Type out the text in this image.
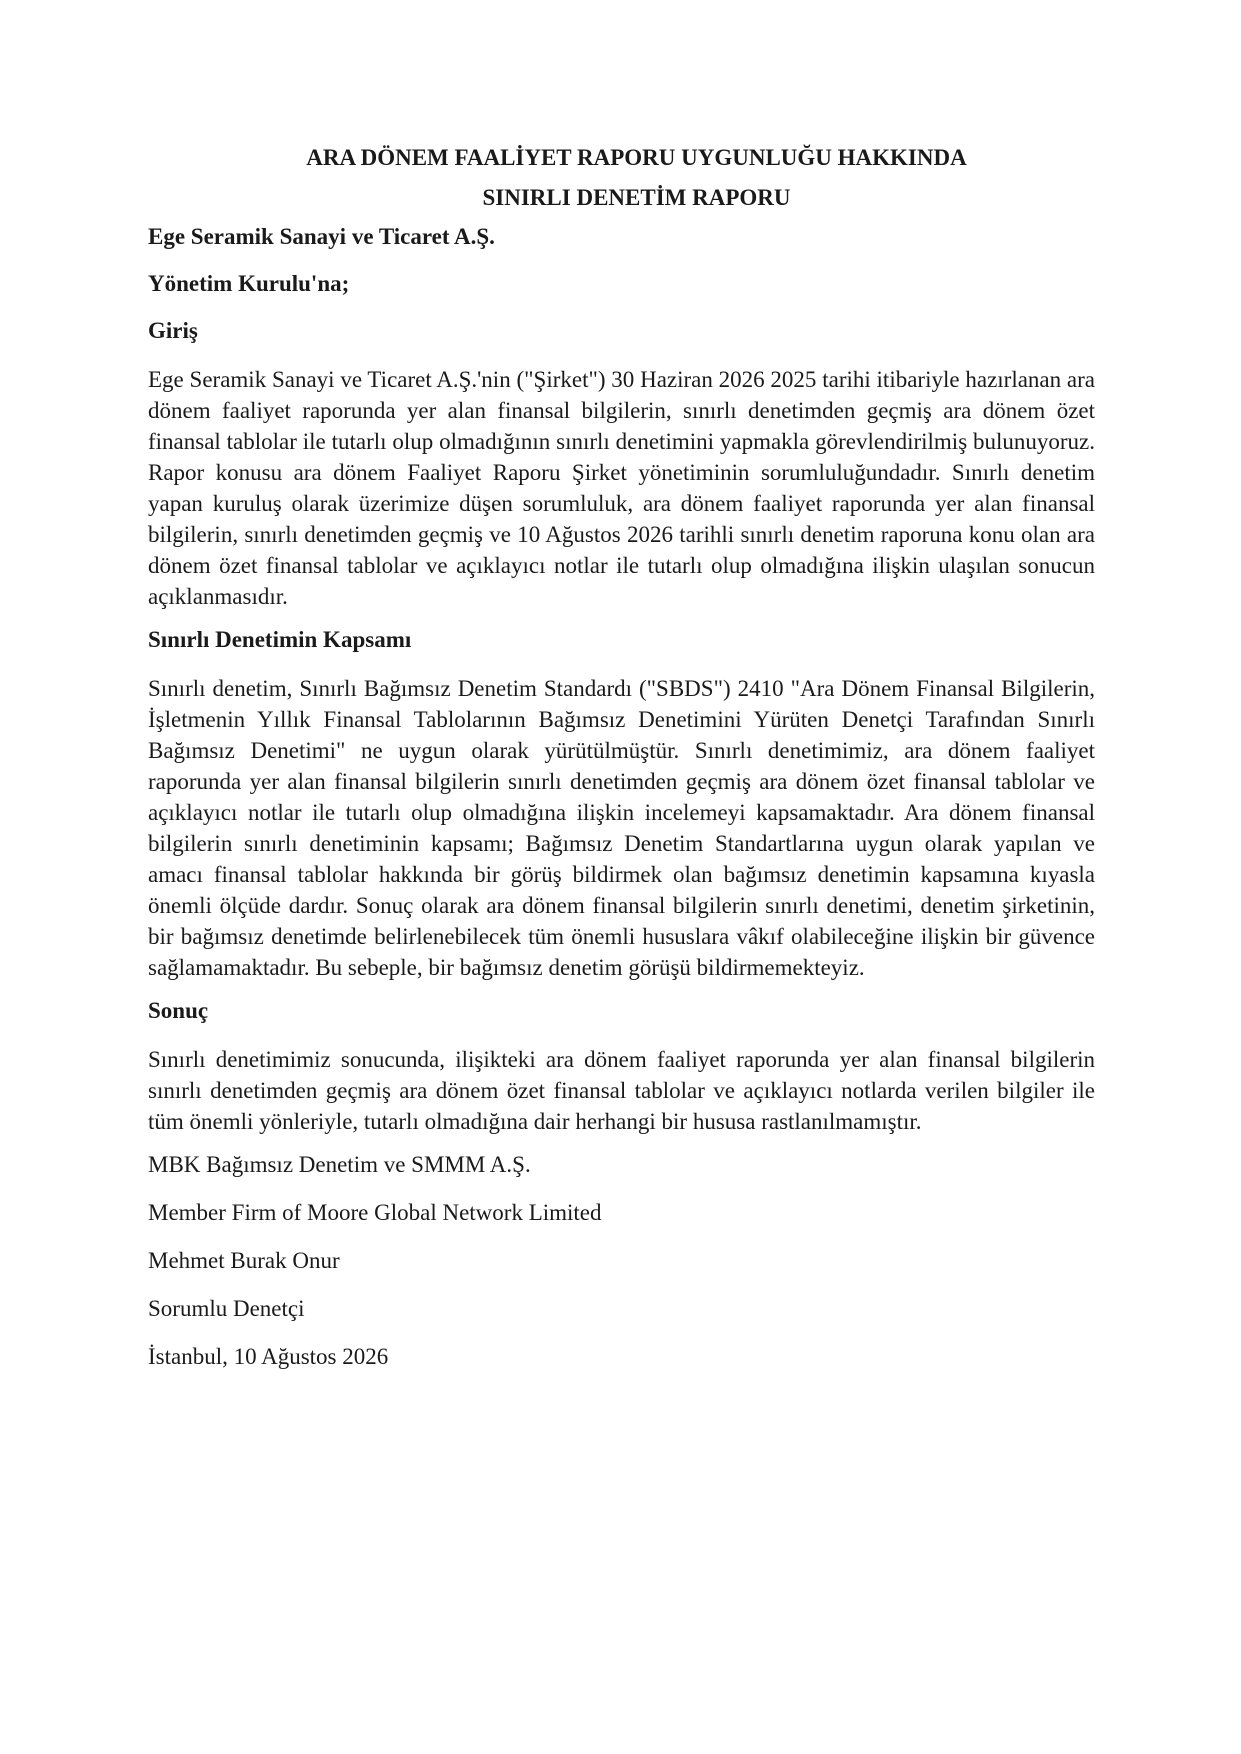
ARA DÖNEM FAALİYET RAPORU UYGUNLUĞU HAKKINDA

SINIRLI DENETİM RAPORU

Ege Seramik Sanayi ve Ticaret A.Ş.

Yönetim Kurulu'na;

Giriş

Ege Seramik Sanayi ve Ticaret A.Ş.'nin ("Şirket") 30 Haziran 2026 2025 tarihi itibariyle hazırlanan ara dönem faaliyet raporunda yer alan finansal bilgilerin, sınırlı denetimden geçmiş ara dönem özet finansal tablolar ile tutarlı olup olmadığının sınırlı denetimini yapmakla görevlendirilmiş bulunuyoruz. Rapor konusu ara dönem Faaliyet Raporu Şirket yönetiminin sorumluluğundadır. Sınırlı denetim yapan kuruluş olarak üzerimize düşen sorumluluk, ara dönem faaliyet raporunda yer alan finansal bilgilerin, sınırlı denetimden geçmiş ve 10 Ağustos 2026 tarihli sınırlı denetim raporuna konu olan ara dönem özet finansal tablolar ve açıklayıcı notlar ile tutarlı olup olmadığına ilişkin ulaşılan sonucun açıklanmasıdır.

Sınırlı Denetimin Kapsamı

Sınırlı denetim, Sınırlı Bağımsız Denetim Standardı ("SBDS") 2410 "Ara Dönem Finansal Bilgilerin, İşletmenin Yıllık Finansal Tablolarının Bağımsız Denetimini Yürüten Denetçi Tarafından Sınırlı Bağımsız Denetimi" ne uygun olarak yürütülmüştür. Sınırlı denetimimiz, ara dönem faaliyet raporunda yer alan finansal bilgilerin sınırlı denetimden geçmiş ara dönem özet finansal tablolar ve açıklayıcı notlar ile tutarlı olup olmadığına ilişkin incelemeyi kapsamaktadır. Ara dönem finansal bilgilerin sınırlı denetiminin kapsamı; Bağımsız Denetim Standartlarına uygun olarak yapılan ve amacı finansal tablolar hakkında bir görüş bildirmek olan bağımsız denetimin kapsamına kıyasla önemli ölçüde dardır. Sonuç olarak ara dönem finansal bilgilerin sınırlı denetimi, denetim şirketinin, bir bağımsız denetimde belirlenebilecek tüm önemli hususlara vâkıf olabileceğine ilişkin bir güvence sağlamamaktadır. Bu sebeple, bir bağımsız denetim görüşü bildirmemekteyiz.

Sonuç

Sınırlı denetimimiz sonucunda, ilişikteki ara dönem faaliyet raporunda yer alan finansal bilgilerin sınırlı denetimden geçmiş ara dönem özet finansal tablolar ve açıklayıcı notlarda verilen bilgiler ile tüm önemli yönleriyle, tutarlı olmadığına dair herhangi bir hususa rastlanılmamıştır.

MBK Bağımsız Denetim ve SMMM A.Ş.

Member Firm of Moore Global Network Limited

Mehmet Burak Onur

Sorumlu Denetçi

İstanbul, 10 Ağustos 2026
